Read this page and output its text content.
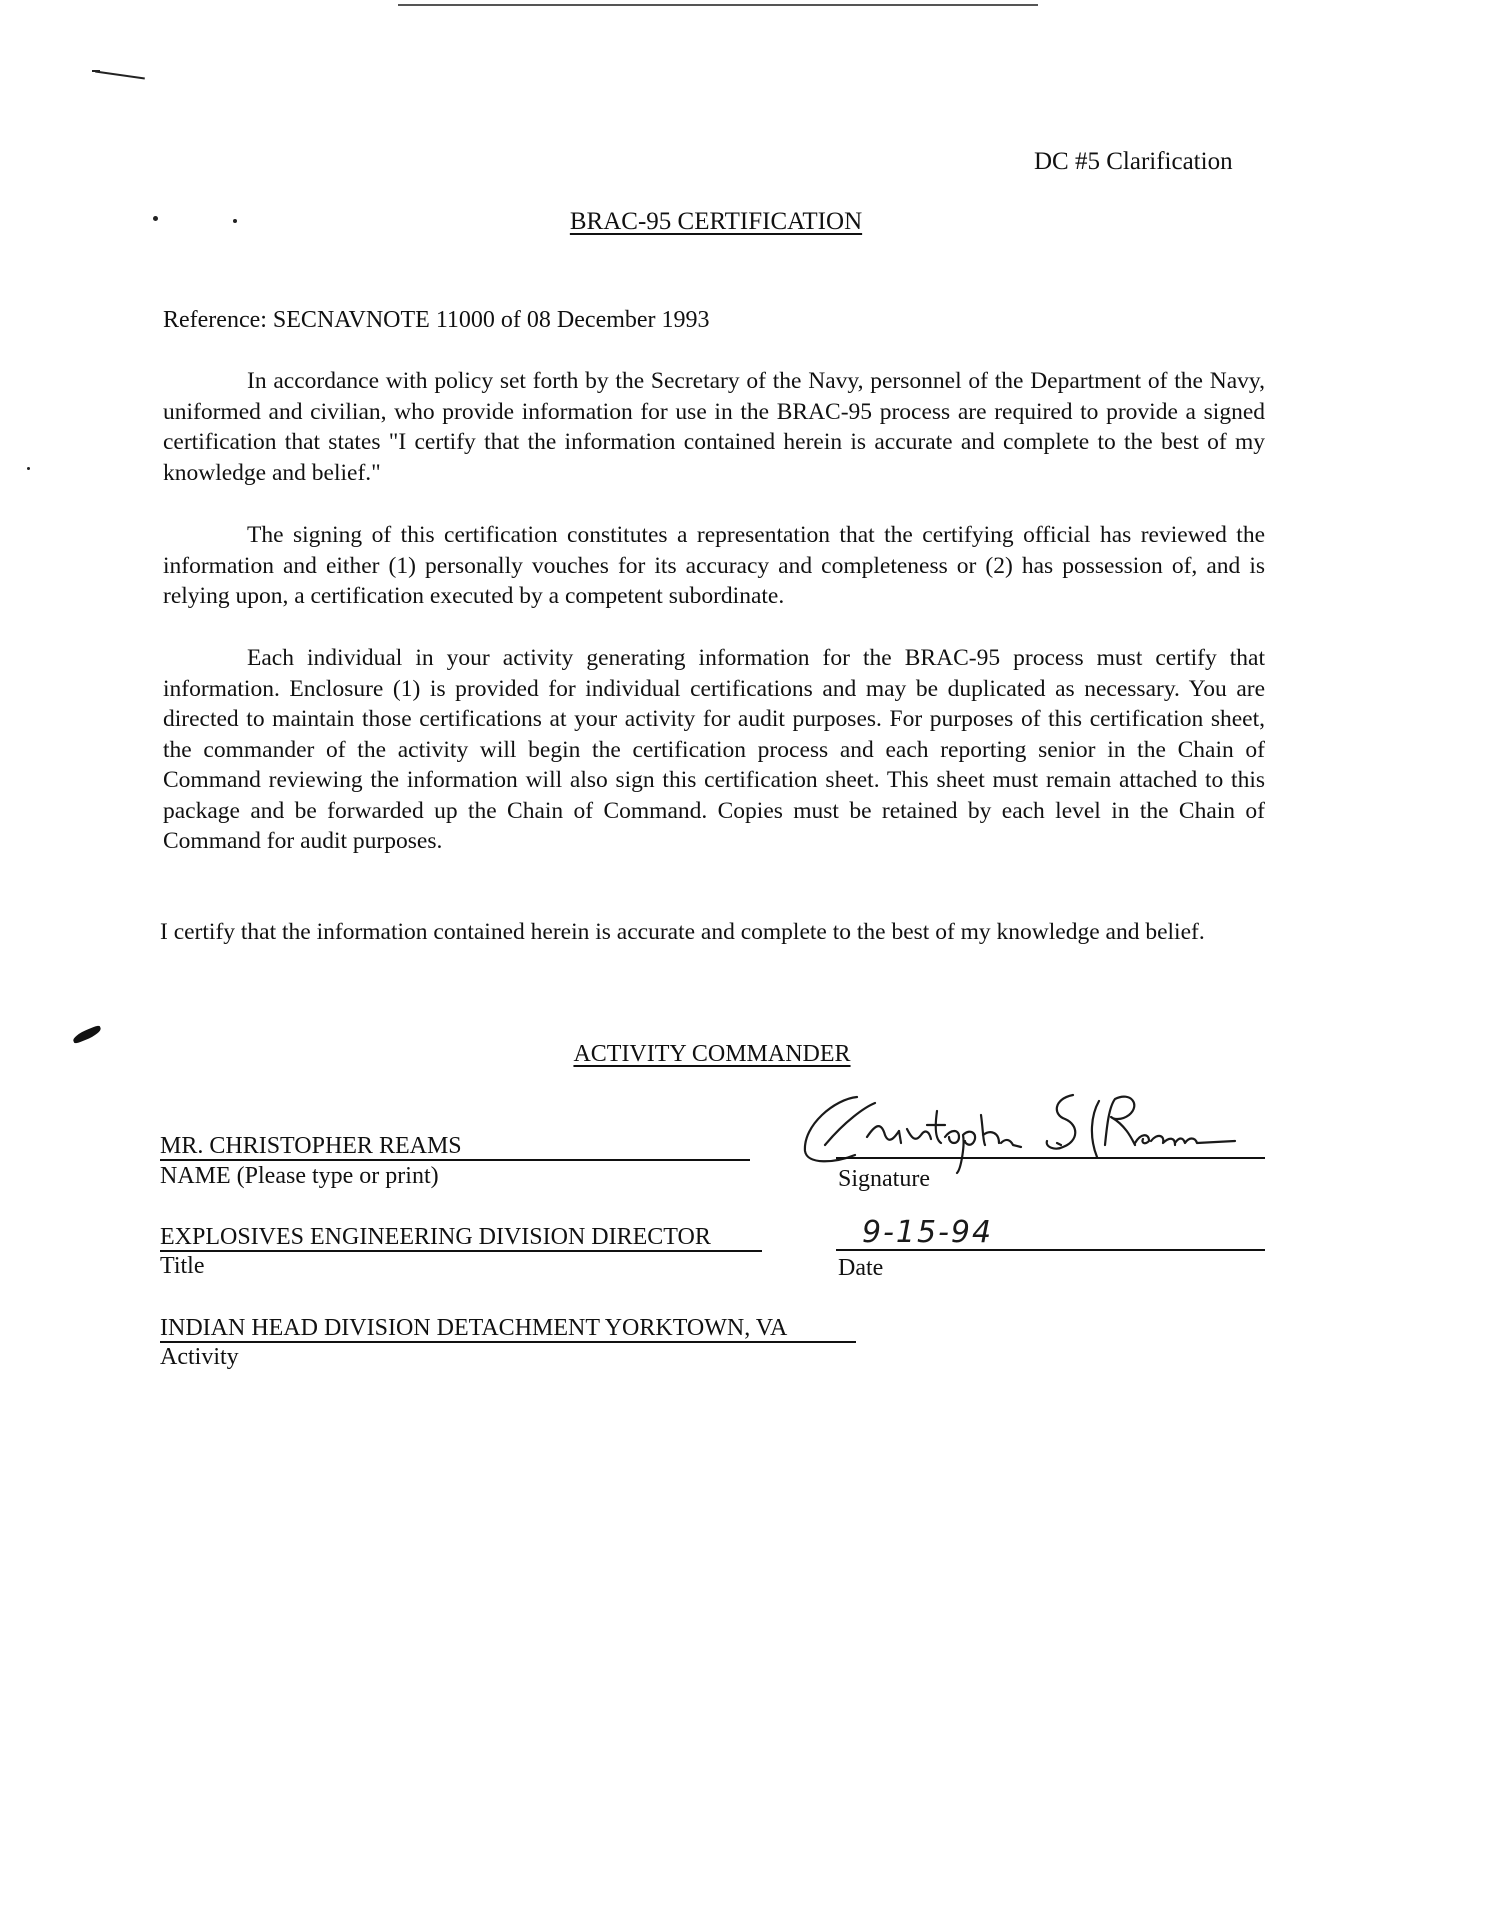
DC #5 Clarification
BRAC-95 CERTIFICATION
Reference: SECNAVNOTE 11000 of 08 December 1993
In accordance with policy set forth by the Secretary of the Navy, personnel of the Department of the Navy, uniformed and civilian, who provide information for use in the BRAC-95 process are required to provide a signed certification that states "I certify that the information contained herein is accurate and complete to the best of my knowledge and belief."
The signing of this certification constitutes a representation that the certifying official has reviewed the information and either (1) personally vouches for its accuracy and completeness or (2) has possession of, and is relying upon, a certification executed by a competent subordinate.
Each individual in your activity generating information for the BRAC-95 process must certify that information. Enclosure (1) is provided for individual certifications and may be duplicated as necessary. You are directed to maintain those certifications at your activity for audit purposes. For purposes of this certification sheet, the commander of the activity will begin the certification process and each reporting senior in the Chain of Command reviewing the information will also sign this certification sheet. This sheet must remain attached to this package and be forwarded up the Chain of Command. Copies must be retained by each level in the Chain of Command for audit purposes.
I certify that the information contained herein is accurate and complete to the best of my knowledge and belief.
ACTIVITY COMMANDER
MR. CHRISTOPHER REAMS
NAME (Please type or print)	Signature
EXPLOSIVES ENGINEERING DIVISION DIRECTOR
Title
9-15-94
Date
INDIAN HEAD DIVISION DETACHMENT YORKTOWN, VA
Activity
